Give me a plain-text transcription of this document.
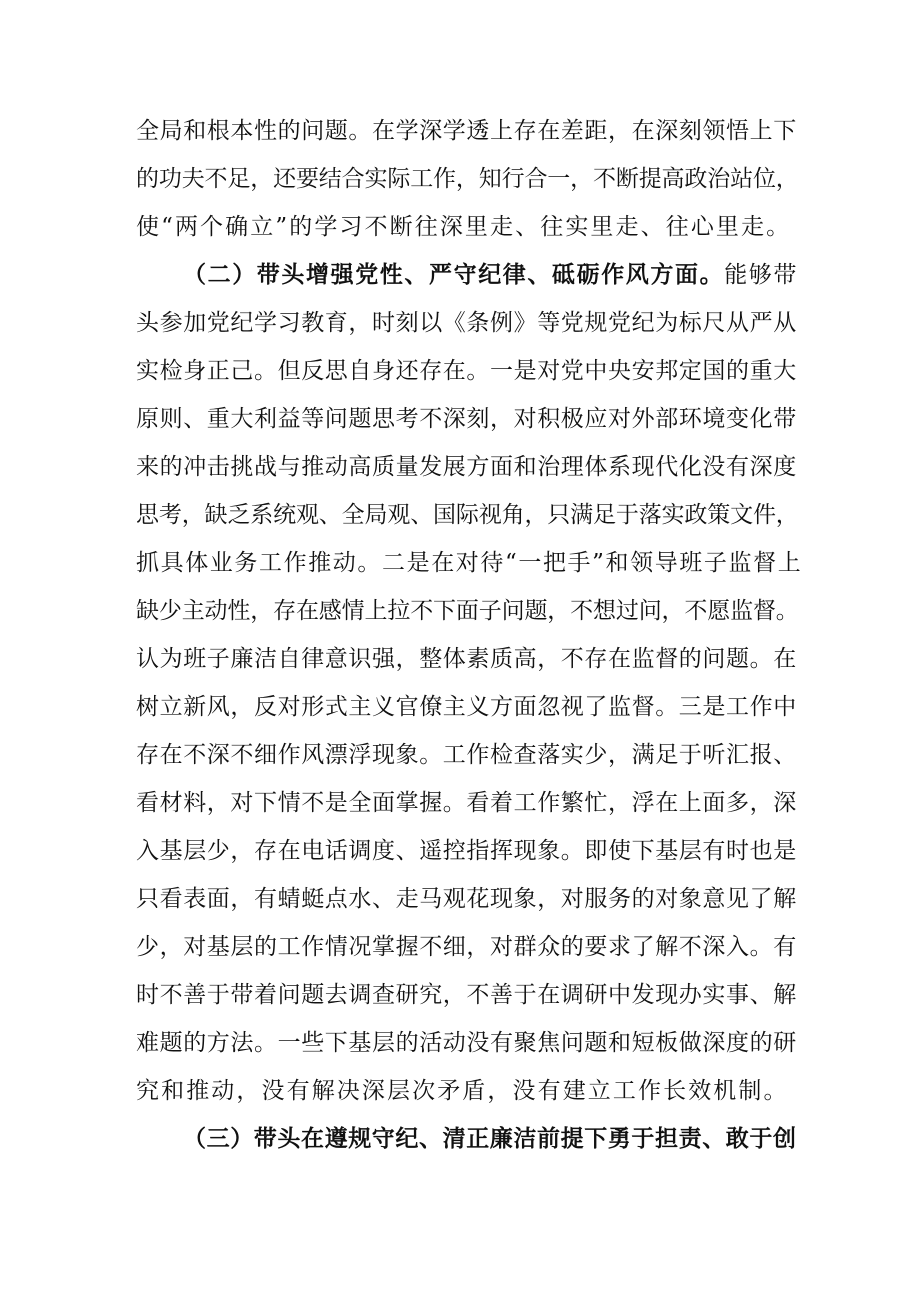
全局和根本性的问题。在学深学透上存在差距，在深刻领悟上下
的功夫不足，还要结合实际工作，知行合一，不断提高政治站位，
使“两个确立”的学习不断往深里走、往实里走、往心里走。
（二）带头增强党性、严守纪律、砥砺作风方面。能够带
头参加党纪学习教育，时刻以《条例》等党规党纪为标尺从严从
实检身正己。但反思自身还存在。一是对党中央安邦定国的重大
原则、重大利益等问题思考不深刻，对积极应对外部环境变化带
来的冲击挑战与推动高质量发展方面和治理体系现代化没有深度
思考，缺乏系统观、全局观、国际视角，只满足于落实政策文件，
抓具体业务工作推动。二是在对待“一把手”和领导班子监督上
缺少主动性，存在感情上拉不下面子问题，不想过问，不愿监督。
认为班子廉洁自律意识强，整体素质高，不存在监督的问题。在
树立新风，反对形式主义官僚主义方面忽视了监督。三是工作中
存在不深不细作风漂浮现象。工作检查落实少，满足于听汇报、
看材料，对下情不是全面掌握。看着工作繁忙，浮在上面多，深
入基层少，存在电话调度、遥控指挥现象。即使下基层有时也是
只看表面，有蜻蜓点水、走马观花现象，对服务的对象意见了解
少，对基层的工作情况掌握不细，对群众的要求了解不深入。有
时不善于带着问题去调查研究，不善于在调研中发现办实事、解
难题的方法。一些下基层的活动没有聚焦问题和短板做深度的研
究和推动，没有解决深层次矛盾，没有建立工作长效机制。
（三）带头在遵规守纪、清正廉洁前提下勇于担责、敢于创
